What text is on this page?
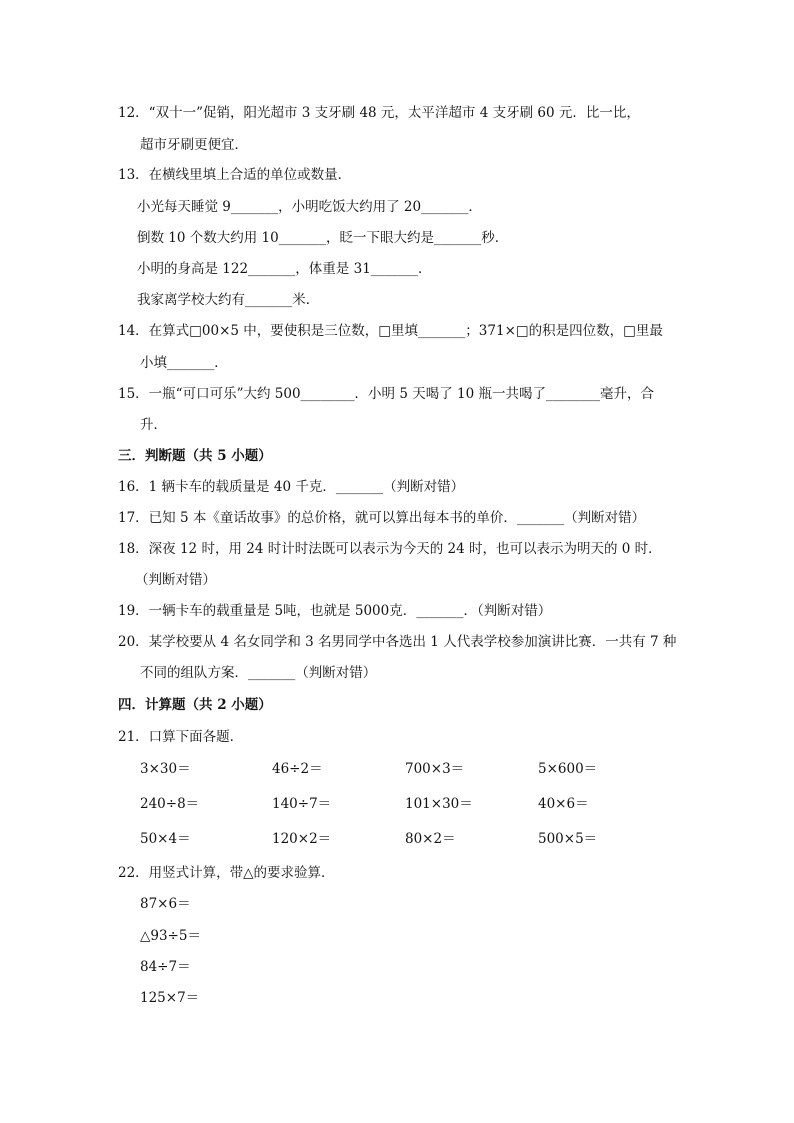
12．“双十一”促销，阳光超市 3 支牙刷 48 元，太平洋超市 4 支牙刷 60 元．比一比，
超市牙刷更便宜．
13．在横线里填上合适的单位或数量．
小光每天睡觉 9_______，小明吃饭大约用了 20_______．
倒数 10 个数大约用 10_______，眨一下眼大约是_______秒．
小明的身高是 122_______，体重是 31_______．
我家离学校大约有_______米．
14．在算式□00×5 中，要使积是三位数，□里填_______；371×□的积是四位数，□里最
小填_______．
15．一瓶“可口可乐”大约 500________．小明 5 天喝了 10 瓶一共喝了________毫升，合
升．
三．判断题（共 5 小题）
16．1 辆卡车的载质量是 40 千克．_______（判断对错）
17．已知 5 本《童话故事》的总价格，就可以算出每本书的单价．_______（判断对错）
18．深夜 12 时，用 24 时计时法既可以表示为今天的 24 时，也可以表示为明天的 0 时．
（判断对错）
19．一辆卡车的载重量是 5吨，也就是 5000克．_______．（判断对错）
20．某学校要从 4 名女同学和 3 名男同学中各选出 1 人代表学校参加演讲比赛．一共有 7 种
不同的组队方案．_______（判断对错）
四．计算题（共 2 小题）
21．口算下面各题．
3×30＝	46÷2＝	700×3＝	5×600＝
240÷8＝	140÷7＝	101×30＝	40×6＝
50×4＝	120×2＝	80×2＝	500×5＝
22．用竖式计算，带△的要求验算．
87×6＝
△93÷5＝
84÷7＝
125×7＝
